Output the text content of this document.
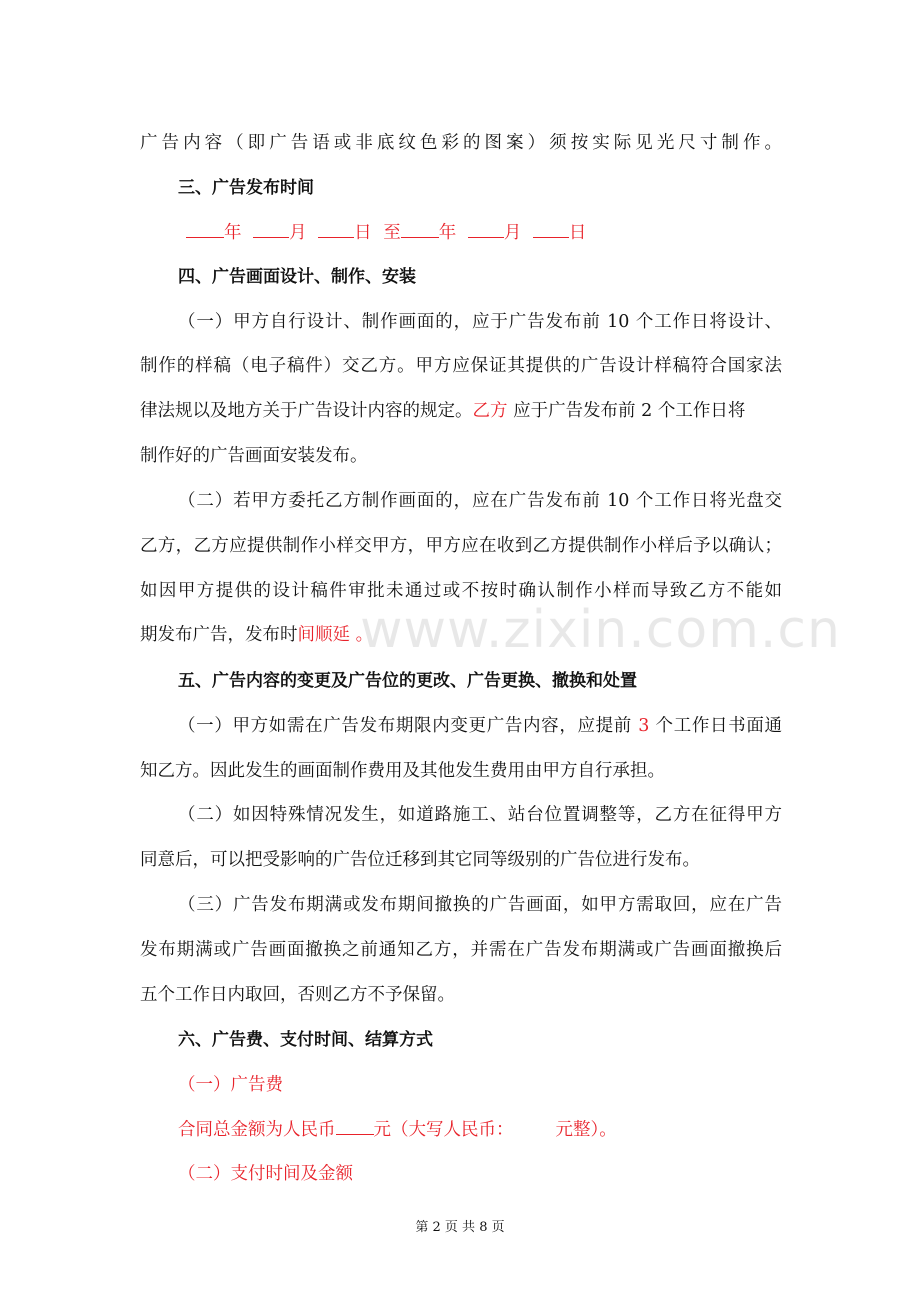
广告内容（即广告语或非底纹色彩的图案）须按实际见光尺寸制作。
三、广告发布时间
年	月	日 至 年	月	日
四、广告画面设计、制作、安装
（一）甲方自行设计、制作画面的，应于广告发布前 10 个工作日将设计、
制作的样稿（电子稿件）交乙方。甲方应保证其提供的广告设计样稿符合国家法
律法规以及地方关于广告设计内容的规定。乙方 应于广告发布前 2 个工作日将
制作好的广告画面安装发布。
（二）若甲方委托乙方制作画面的，应在广告发布前 10 个工作日将光盘交
乙方，乙方应提供制作小样交甲方，甲方应在收到乙方提供制作小样后予以确认；
如因甲方提供的设计稿件审批未通过或不按时确认制作小样而导致乙方不能如
期发布广告，发布时间顺延 。
www.zixin.com.cn
五、广告内容的变更及广告位的更改、广告更换、撤换和处置
（一）甲方如需在广告发布期限内变更广告内容，应提前 3 个工作日书面通
知乙方。因此发生的画面制作费用及其他发生费用由甲方自行承担。
（二）如因特殊情况发生，如道路施工、站台位置调整等，乙方在征得甲方
同意后，可以把受影响的广告位迁移到其它同等级别的广告位进行发布。
（三）广告发布期满或发布期间撤换的广告画面，如甲方需取回，应在广告
发布期满或广告画面撤换之前通知乙方，并需在广告发布期满或广告画面撤换后
五个工作日内取回，否则乙方不予保留。
六、广告费、支付时间、结算方式
（一）广告费
合同总金额为人民币 元（大写人民币： 元整）。
（二）支付时间及金额
第 2 页 共 8 页
